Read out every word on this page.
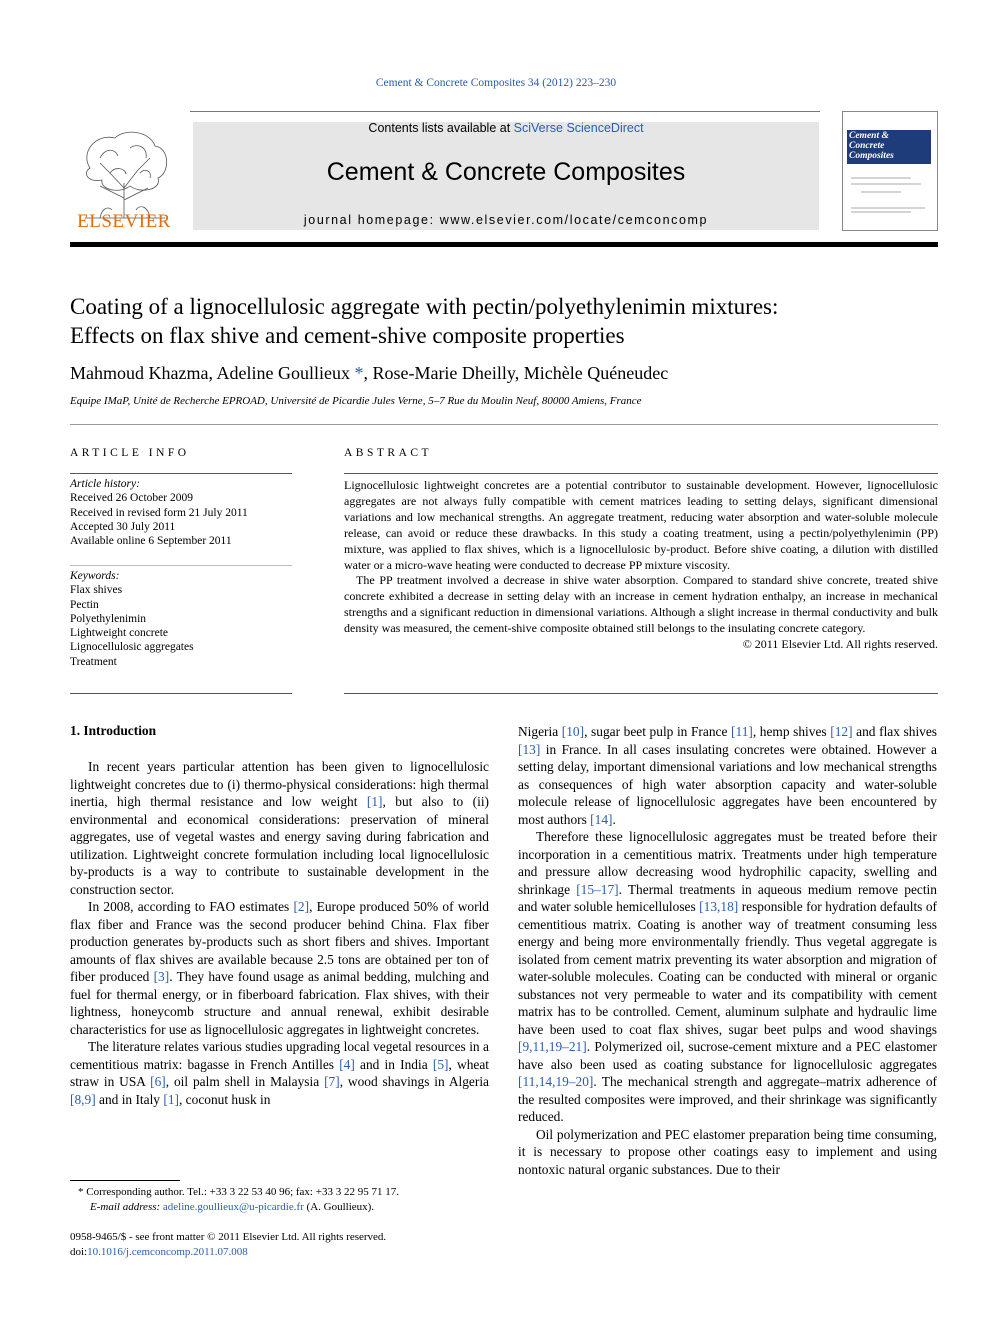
Cement & Concrete Composites 34 (2012) 223–230
ELSEVIER
Contents lists available at SciVerse ScienceDirect
Cement & Concrete Composites
journal homepage: www.elsevier.com/locate/cemconcomp
Cement &
Concrete
Composites
Coating of a lignocellulosic aggregate with pectin/polyethylenimin mixtures:
Effects on flax shive and cement-shive composite properties
Mahmoud Khazma, Adeline Goullieux *, Rose-Marie Dheilly, Michèle Quéneudec
Equipe IMaP, Unité de Recherche EPROAD, Université de Picardie Jules Verne, 5–7 Rue du Moulin Neuf, 80000 Amiens, France
ARTICLE INFO
Article history:
Received 26 October 2009
Received in revised form 21 July 2011
Accepted 30 July 2011
Available online 6 September 2011
Keywords:
Flax shives
Pectin
Polyethylenimin
Lightweight concrete
Lignocellulosic aggregates
Treatment
ABSTRACT

Lignocellulosic lightweight concretes are a potential contributor to sustainable development. However, lignocellulosic aggregates are not always fully compatible with cement matrices leading to setting delays, significant dimensional variations and low mechanical strengths. An aggregate treatment, reducing water absorption and water-soluble molecule release, can avoid or reduce these drawbacks. In this study a coating treatment, using a pectin/polyethylenimin (PP) mixture, was applied to flax shives, which is a lignocellulosic by-product. Before shive coating, a dilution with distilled water or a micro-wave heating were conducted to decrease PP mixture viscosity.

The PP treatment involved a decrease in shive water absorption. Compared to standard shive concrete, treated shive concrete exhibited a decrease in setting delay with an increase in cement hydration enthalpy, an increase in mechanical strengths and a significant reduction in dimensional variations. Although a slight increase in thermal conductivity and bulk density was measured, the cement-shive composite obtained still belongs to the insulating concrete category.

© 2011 Elsevier Ltd. All rights reserved.
1. Introduction

In recent years particular attention has been given to lignocellulosic lightweight concretes due to (i) thermo-physical considerations: high thermal inertia, high thermal resistance and low weight [1], but also to (ii) environmental and economical considerations: preservation of mineral aggregates, use of vegetal wastes and energy saving during fabrication and utilization. Lightweight concrete formulation including local lignocellulosic by-products is a way to contribute to sustainable development in the construction sector.

In 2008, according to FAO estimates [2], Europe produced 50% of world flax fiber and France was the second producer behind China. Flax fiber production generates by-products such as short fibers and shives. Important amounts of flax shives are available because 2.5 tons are obtained per ton of fiber produced [3]. They have found usage as animal bedding, mulching and fuel for thermal energy, or in fiberboard fabrication. Flax shives, with their lightness, honeycomb structure and annual renewal, exhibit desirable characteristics for use as lignocellulosic aggregates in lightweight concretes.

The literature relates various studies upgrading local vegetal resources in a cementitious matrix: bagasse in French Antilles [4] and in India [5], wheat straw in USA [6], oil palm shell in Malaysia [7], wood shavings in Algeria [8,9] and in Italy [1], coconut husk in

Nigeria [10], sugar beet pulp in France [11], hemp shives [12] and flax shives [13] in France. In all cases insulating concretes were obtained. However a setting delay, important dimensional variations and low mechanical strengths as consequences of high water absorption capacity and water-soluble molecule release of lignocellulosic aggregates have been encountered by most authors [14].

Therefore these lignocellulosic aggregates must be treated before their incorporation in a cementitious matrix. Treatments under high temperature and pressure allow decreasing wood hydrophilic capacity, swelling and shrinkage [15–17]. Thermal treatments in aqueous medium remove pectin and water soluble hemicelluloses [13,18] responsible for hydration defaults of cementitious matrix. Coating is another way of treatment consuming less energy and being more environmentally friendly. Thus vegetal aggregate is isolated from cement matrix preventing its water absorption and migration of water-soluble molecules. Coating can be conducted with mineral or organic substances not very permeable to water and its compatibility with cement matrix has to be controlled. Cement, aluminum sulphate and hydraulic lime have been used to coat flax shives, sugar beet pulps and wood shavings [9,11,19–21]. Polymerized oil, sucrose-cement mixture and a PEC elastomer have also been used as coating substance for lignocellulosic aggregates [11,14,19–20]. The mechanical strength and aggregate–matrix adherence of the resulted composites were improved, and their shrinkage was significantly reduced.

Oil polymerization and PEC elastomer preparation being time consuming, it is necessary to propose other coatings easy to implement and using nontoxic natural organic substances. Due to their

* Corresponding author. Tel.: +33 3 22 53 40 96; fax: +33 3 22 95 71 17.
E-mail address: adeline.goullieux@u-picardie.fr (A. Goullieux).
0958-9465/$ - see front matter © 2011 Elsevier Ltd. All rights reserved.
doi:10.1016/j.cemconcomp.2011.07.008
